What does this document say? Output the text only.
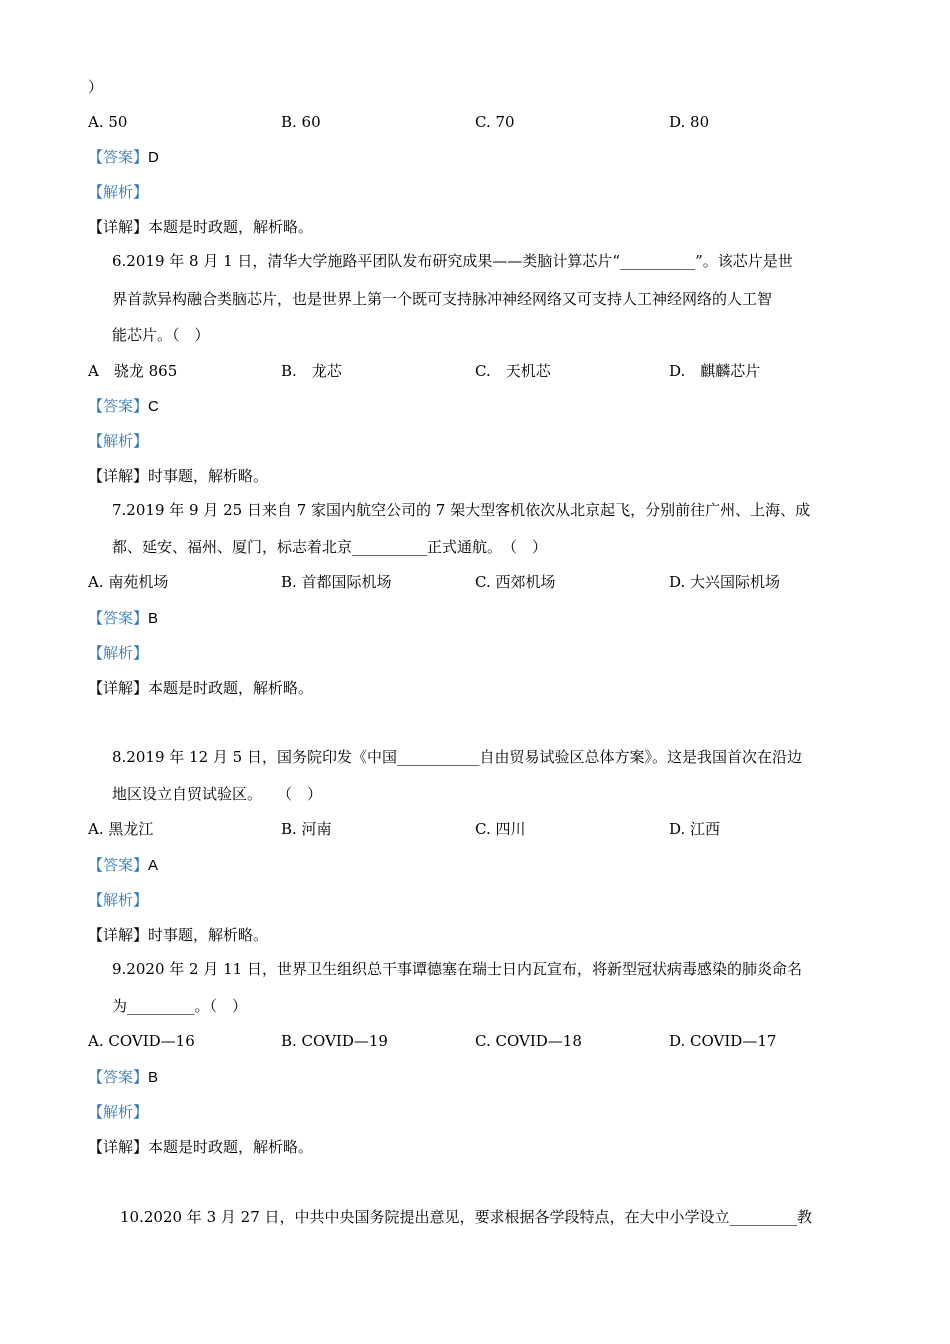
）
A. 50	B. 60	C. 70	D. 80
【答案】D
【解析】
【详解】本题是时政题，解析略。
6.2019 年 8 月 1 日，清华大学施路平团队发布研究成果——类脑计算芯片“__________”。该芯片是世
界首款异构融合类脑芯片，也是世界上第一个既可支持脉冲神经网络又可支持人工神经网络的人工智
能芯片。（　）
A　骁龙 865	B.　龙芯	C.　天机芯	D.　麒麟芯片
【答案】C
【解析】
【详解】时事题，解析略。
7.2019 年 9 月 25 日来自 7 家国内航空公司的 7 架大型客机依次从北京起飞，分别前往广州、上海、成
都、延安、福州、厦门，标志着北京__________正式通航。　（　）
A. 南苑机场	B. 首都国际机场	C. 西郊机场	D. 大兴国际机场
【答案】B
【解析】
【详解】本题是时政题，解析略。
8.2019 年 12 月 5 日，国务院印发《中国___________自由贸易试验区总体方案》。这是我国首次在沿边
地区设立自贸试验区。　　（　）
A. 黑龙江	B. 河南	C. 四川	D. 江西
【答案】A
【解析】
【详解】时事题，解析略。
9.2020 年 2 月 11 日，世界卫生组织总干事谭德塞在瑞士日内瓦宣布，将新型冠状病毒感染的肺炎命名
为_________。（　）
A. COVID—16	B. COVID—19	C. COVID—18	D. COVID—17
【答案】B
【解析】
【详解】本题是时政题，解析略。
10.2020 年 3 月 27 日，中共中央国务院提出意见，要求根据各学段特点，在大中小学设立_________教
